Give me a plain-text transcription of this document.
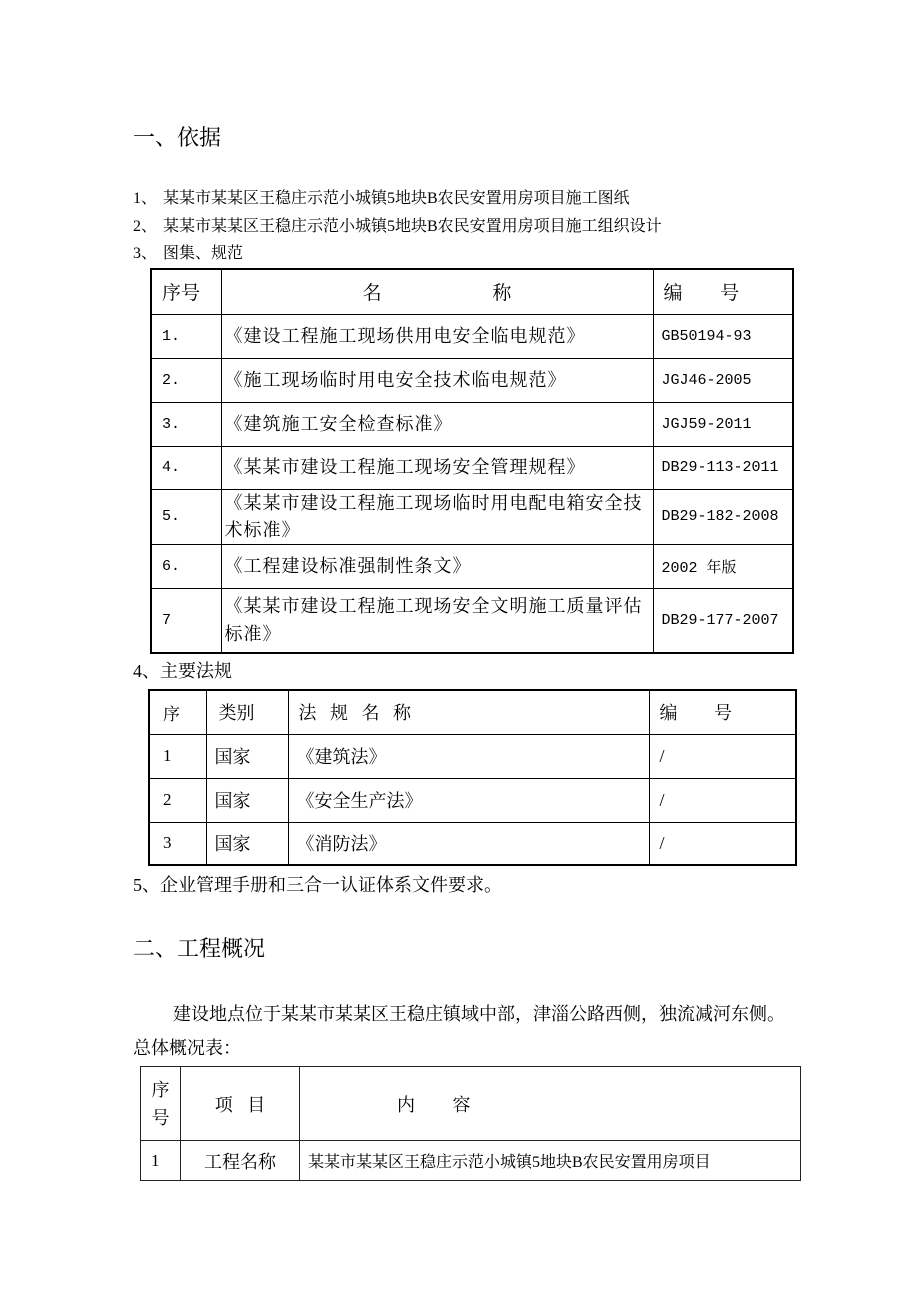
一、依据
1、 某某市某某区王稳庄示范小城镇5地块B农民安置用房项目施工图纸
2、 某某市某某区王稳庄示范小城镇5地块B农民安置用房项目施工组织设计
3、 图集、规范
序号	名 称	编 号
1.	《建设工程施工现场供用电安全临电规范》	GB50194-93
2.	《施工现场临时用电安全技术临电规范》	JGJ46-2005
3.	《建筑施工安全检查标准》	JGJ59-2011
4.	《某某市建设工程施工现场安全管理规程》	DB29-113-2011
5.	《某某市建设工程施工现场临时用电配电箱安全技术标准》	DB29-182-2008
6.	《工程建设标准强制性条文》	2002 年版
7	《某某市建设工程施工现场安全文明施工质量评估标准》	DB29-177-2007
4、主要法规
序	类别	法 规 名 称	编 号
1	国家	《建筑法》	/
2	国家	《安全生产法》	/
3	国家	《消防法》	/
5、企业管理手册和三合一认证体系文件要求。
二、工程概况
建设地点位于某某市某某区王稳庄镇域中部，津淄公路西侧，独流减河东侧。
总体概况表：
序号	项 目	内 容
1	工程名称	某某市某某区王稳庄示范小城镇5地块B农民安置用房项目
